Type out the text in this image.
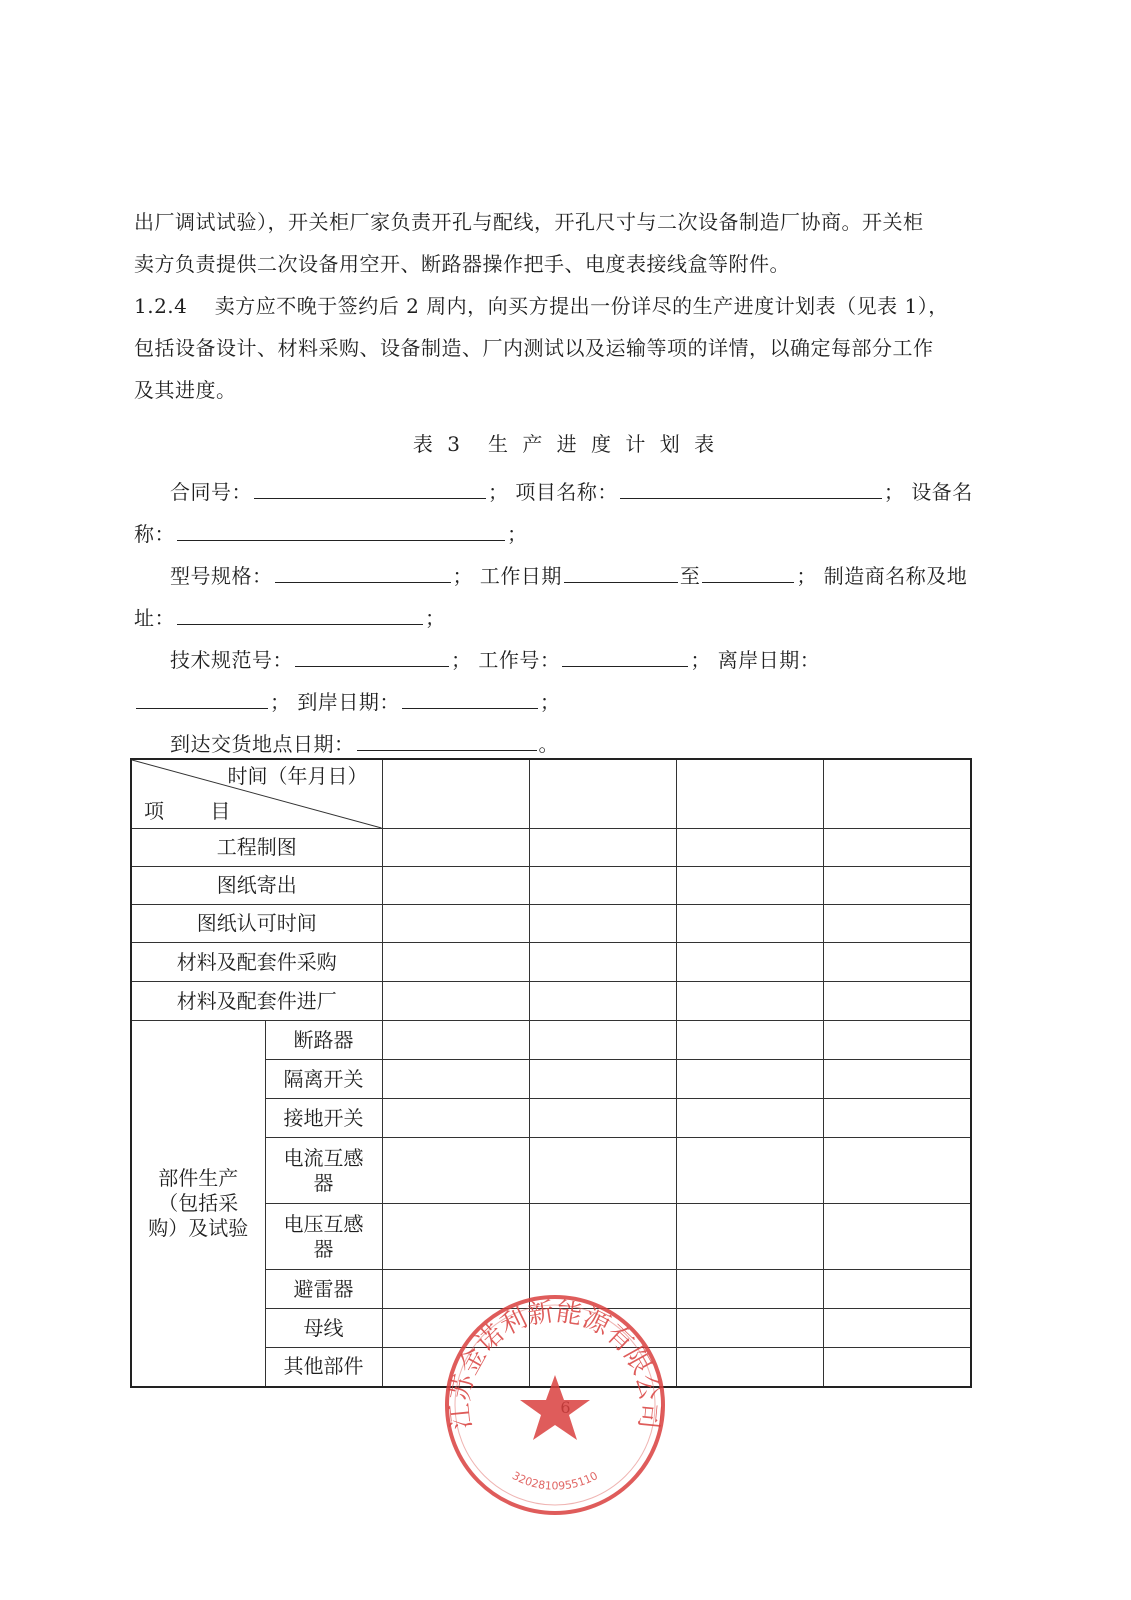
出厂调试试验），开关柜厂家负责开孔与配线，开孔尺寸与二次设备制造厂协商。开关柜
卖方负责提供二次设备用空开、断路器操作把手、电度表接线盒等附件。
1.2.4　 卖方应不晚于签约后 2 周内，向买方提出一份详尽的生产进度计划表（见表 1），
包括设备设计、材料采购、设备制造、厂内测试以及运输等项的详情，以确定每部分工作
及其进度。
表 3　生 产 进 度 计 划 表
合同号：	； 项目名称：	； 设备名
称：	；
型号规格：	； 工作日期	至	； 制造商名称及地
址：	；
技术规范号：	； 工作号：	； 离岸日期：
； 到岸日期：	；
到达交货地点日期：	。
时间（年月日）
项 目					

工程制图					
图纸寄出					
图纸认可时间					
材料及配套件采购					
材料及配套件进厂					

部件生产
（包括采
购）及试验	断路器				
	隔离开关				
	接地开关				
	电流互感器				
	电压互感器				
	避雷器				
	母线				
	其他部件				
江苏金诺利新能源有限公司
3202810955110
